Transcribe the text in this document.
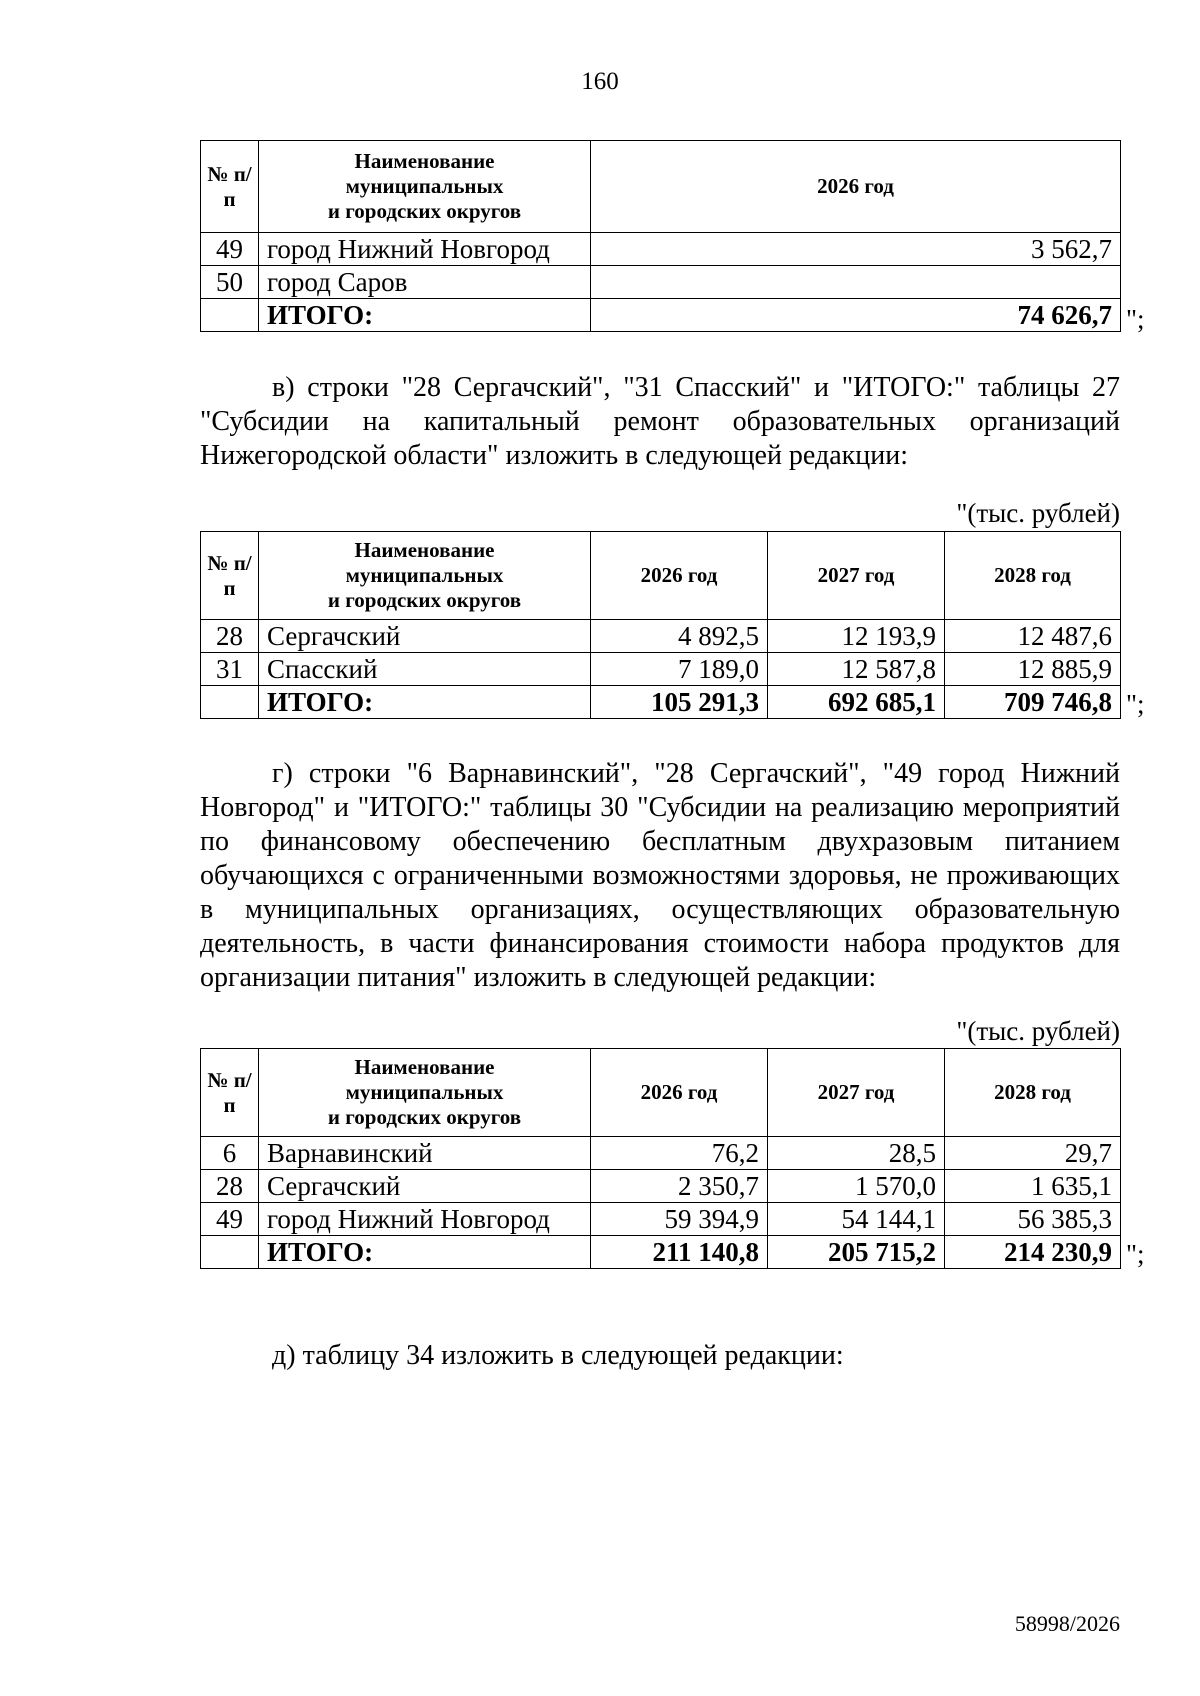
160
№ п/п	Наименование
муниципальных
и городских округов	2026 год
49	город Нижний Новгород	3 562,7
50	город Саров	
	ИТОГО:	74 626,7 ";

в) строки "28 Сергачский", "31 Спасский" и "ИТОГО:" таблицы 27 "Субсидии на капитальный ремонт образовательных организаций Нижегородской области" изложить в следующей редакции:

"(тыс. рублей)
№ п/п	Наименование
муниципальных
и городских округов	2026 год	2027 год	2028 год
28	Сергачский	4 892,5	12 193,9	12 487,6
31	Спасский	7 189,0	12 587,8	12 885,9
	ИТОГО:	105 291,3	692 685,1	709 746,8 ";

г) строки "6 Варнавинский", "28 Сергачский", "49 город Нижний Новгород" и "ИТОГО:" таблицы 30 "Субсидии на реализацию мероприятий по финансовому обеспечению бесплатным двухразовым питанием обучающихся с ограниченными возможностями здоровья, не проживающих в муниципальных организациях, осуществляющих образовательную деятельность, в части финансирования стоимости набора продуктов для организации питания" изложить в следующей редакции:

"(тыс. рублей)
№ п/п	Наименование
муниципальных
и городских округов	2026 год	2027 год	2028 год
6	Варнавинский	76,2	28,5	29,7
28	Сергачский	2 350,7	1 570,0	1 635,1
49	город Нижний Новгород	59 394,9	54 144,1	56 385,3
	ИТОГО:	211 140,8	205 715,2	214 230,9 ";

д) таблицу 34 изложить в следующей редакции:

58998/2026
